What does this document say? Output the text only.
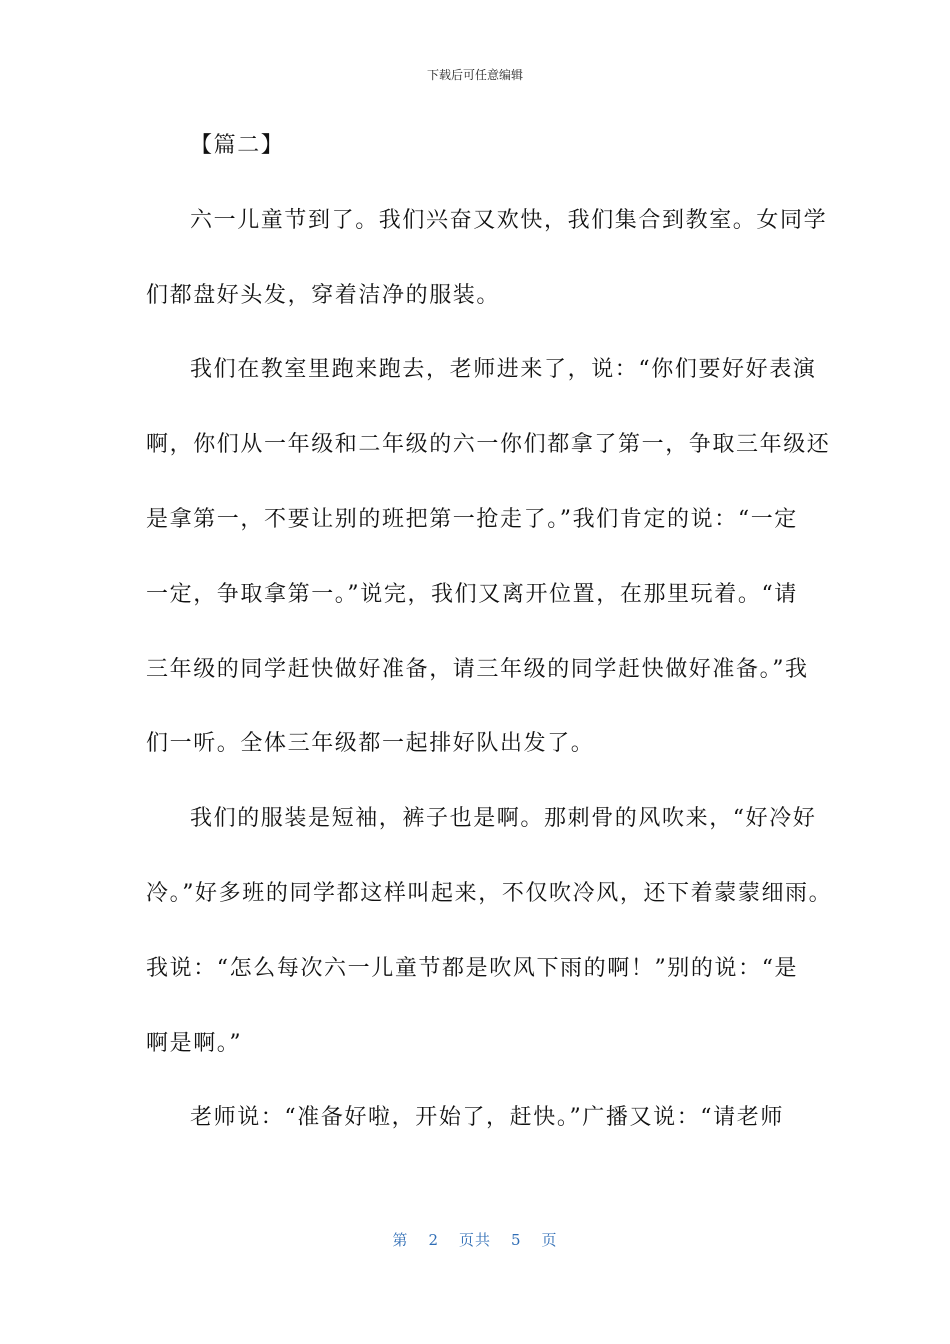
下载后可任意编辑
【篇二】
六一儿童节到了。我们兴奋又欢快，我们集合到教室。女同学
们都盘好头发，穿着洁净的服装。
我们在教室里跑来跑去，老师进来了，说：“你们要好好表演
啊，你们从一年级和二年级的六一你们都拿了第一，争取三年级还
是拿第一，不要让别的班把第一抢走了。”我们肯定的说：“一定
一定，争取拿第一。”说完，我们又离开位置，在那里玩着。“请
三年级的同学赶快做好准备，请三年级的同学赶快做好准备。”我
们一听。全体三年级都一起排好队出发了。
我们的服装是短袖，裤子也是啊。那刺骨的风吹来，“好冷好
冷。”好多班的同学都这样叫起来，不仅吹冷风，还下着蒙蒙细雨。
我说：“怎么每次六一儿童节都是吹风下雨的啊！”别的说：“是
啊是啊。”
老师说：“准备好啦，开始了，赶快。”广播又说：“请老师
第 2 页共 5 页
